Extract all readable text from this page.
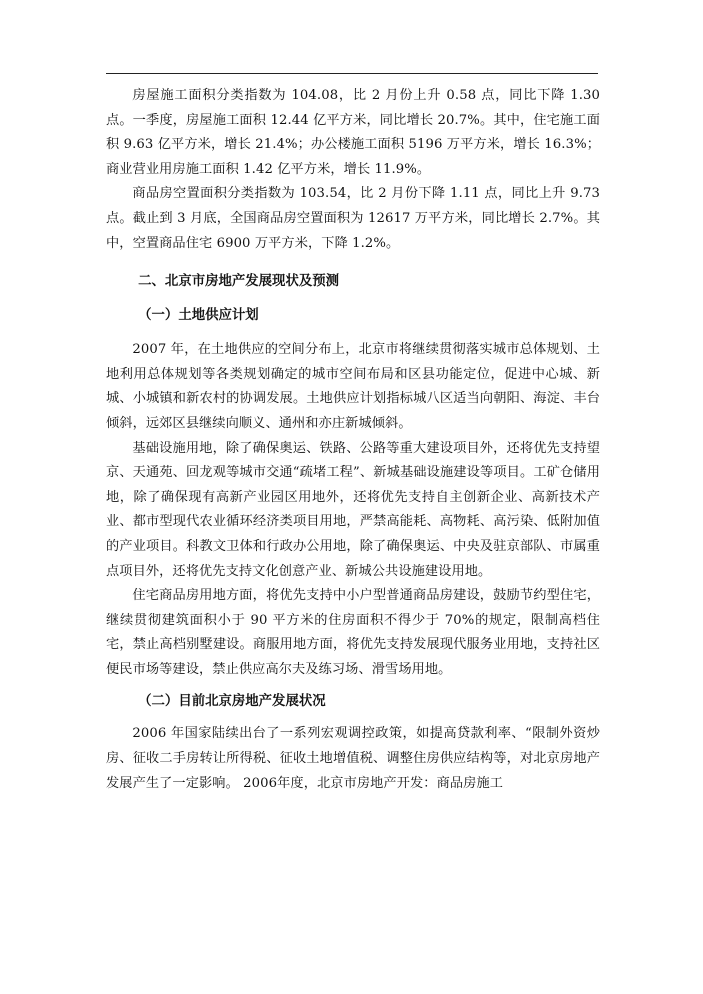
房屋施工面积分类指数为 104.08，比 2 月份上升 0.58 点，同比下降 1.30 点。一季度，房屋施工面积 12.44 亿平方米，同比增长 20.7%。其中，住宅施工面积 9.63 亿平方米，增长 21.4%；办公楼施工面积 5196 万平方米，增长 16.3%；商业营业用房施工面积 1.42 亿平方米，增长 11.9%。

商品房空置面积分类指数为 103.54，比 2 月份下降 1.11 点，同比上升 9.73 点。截止到 3 月底，全国商品房空置面积为 12617 万平方米，同比增长 2.7%。其中，空置商品住宅 6900 万平方米，下降 1.2%。

二、北京市房地产发展现状及预测

（一）土地供应计划

2007 年，在土地供应的空间分布上，北京市将继续贯彻落实城市总体规划、土地利用总体规划等各类规划确定的城市空间布局和区县功能定位，促进中心城、新城、小城镇和新农村的协调发展。土地供应计划指标城八区适当向朝阳、海淀、丰台倾斜，远郊区县继续向顺义、通州和亦庄新城倾斜。

基础设施用地，除了确保奥运、铁路、公路等重大建设项目外，还将优先支持望京、天通苑、回龙观等城市交通“疏堵工程”、新城基础设施建设等项目。工矿仓储用地，除了确保现有高新产业园区用地外，还将优先支持自主创新企业、高新技术产业、都市型现代农业循环经济类项目用地，严禁高能耗、高物耗、高污染、低附加值的产业项目。科教文卫体和行政办公用地，除了确保奥运、中央及驻京部队、市属重点项目外，还将优先支持文化创意产业、新城公共设施建设用地。

住宅商品房用地方面，将优先支持中小户型普通商品房建设，鼓励节约型住宅，继续贯彻建筑面积小于 90 平方米的住房面积不得少于 70%的规定，限制高档住宅，禁止高档别墅建设。商服用地方面，将优先支持发展现代服务业用地，支持社区便民市场等建设，禁止供应高尔夫及练习场、滑雪场用地。

（二）目前北京房地产发展状况

2006 年国家陆续出台了一系列宏观调控政策，如提高贷款利率、“限制外资炒房、征收二手房转让所得税、征收土地增值税、调整住房供应结构等，对北京房地产发展产生了一定影响。 2006年度，北京市房地产开发：商品房施工
